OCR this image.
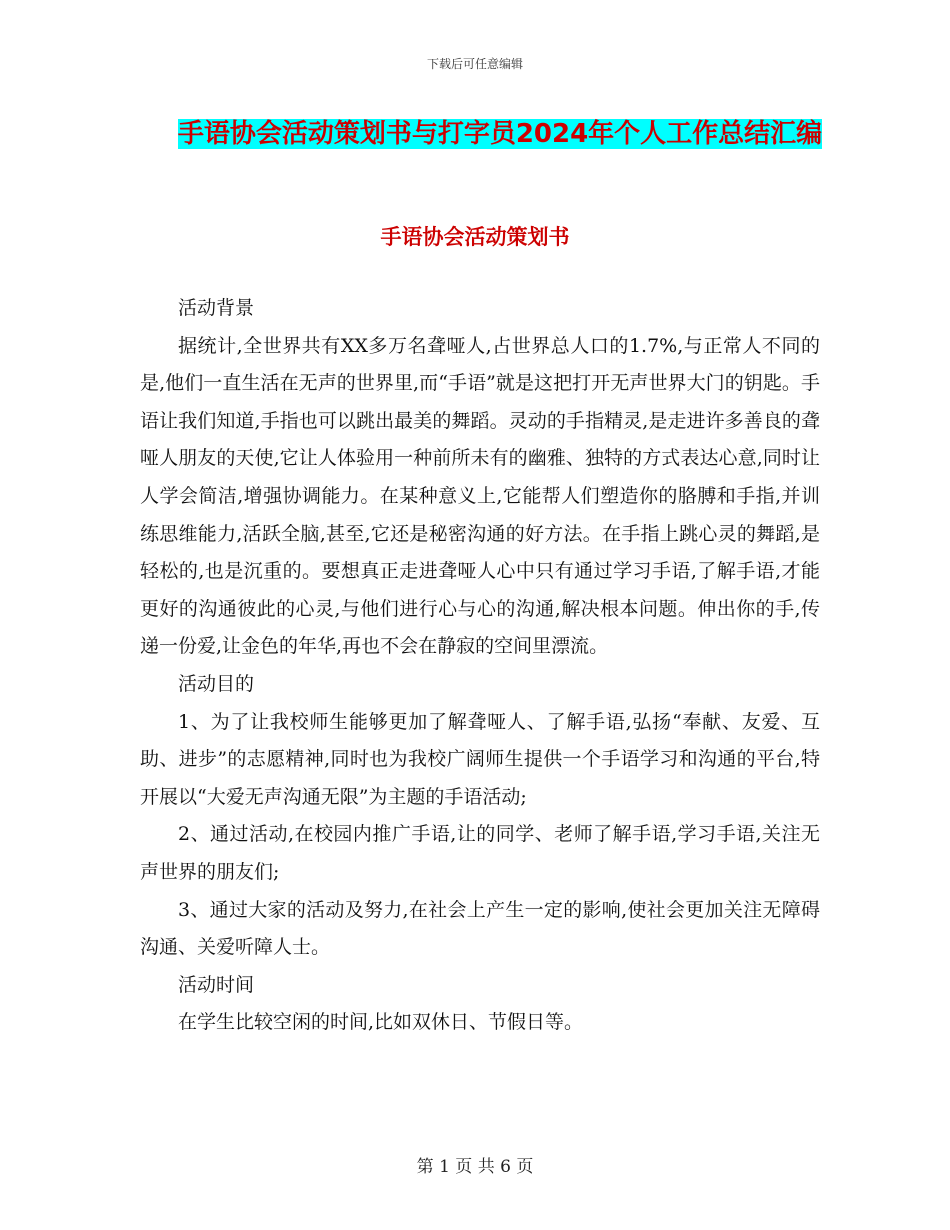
下载后可任意编辑
手语协会活动策划书与打字员2024年个人工作总结汇编
手语协会活动策划书

活动背景

据统计,全世界共有XX多万名聋哑人,占世界总人口的1.7%,与正常人不同的是,他们一直生活在无声的世界里,而“手语”就是这把打开无声世界大门的钥匙。手语让我们知道,手指也可以跳出最美的舞蹈。灵动的手指精灵,是走进许多善良的聋哑人朋友的天使,它让人体验用一种前所未有的幽雅、独特的方式表达心意,同时让人学会简洁,增强协调能力。在某种意义上,它能帮人们塑造你的胳膊和手指,并训练思维能力,活跃全脑,甚至,它还是秘密沟通的好方法。在手指上跳心灵的舞蹈,是轻松的,也是沉重的。要想真正走进聋哑人心中只有通过学习手语,了解手语,才能更好的沟通彼此的心灵,与他们进行心与心的沟通,解决根本问题。伸出你的手,传递一份爱,让金色的年华,再也不会在静寂的空间里漂流。

活动目的

1、为了让我校师生能够更加了解聋哑人、了解手语,弘扬“奉献、友爱、互助、进步”的志愿精神,同时也为我校广阔师生提供一个手语学习和沟通的平台,特开展以“大爱无声沟通无限”为主题的手语活动;

2、通过活动,在校园内推广手语,让的同学、老师了解手语,学习手语,关注无声世界的朋友们;

3、通过大家的活动及努力,在社会上产生一定的影响,使社会更加关注无障碍沟通、关爱听障人士。

活动时间

在学生比较空闲的时间,比如双休日、节假日等。

第 1 页 共 6 页
